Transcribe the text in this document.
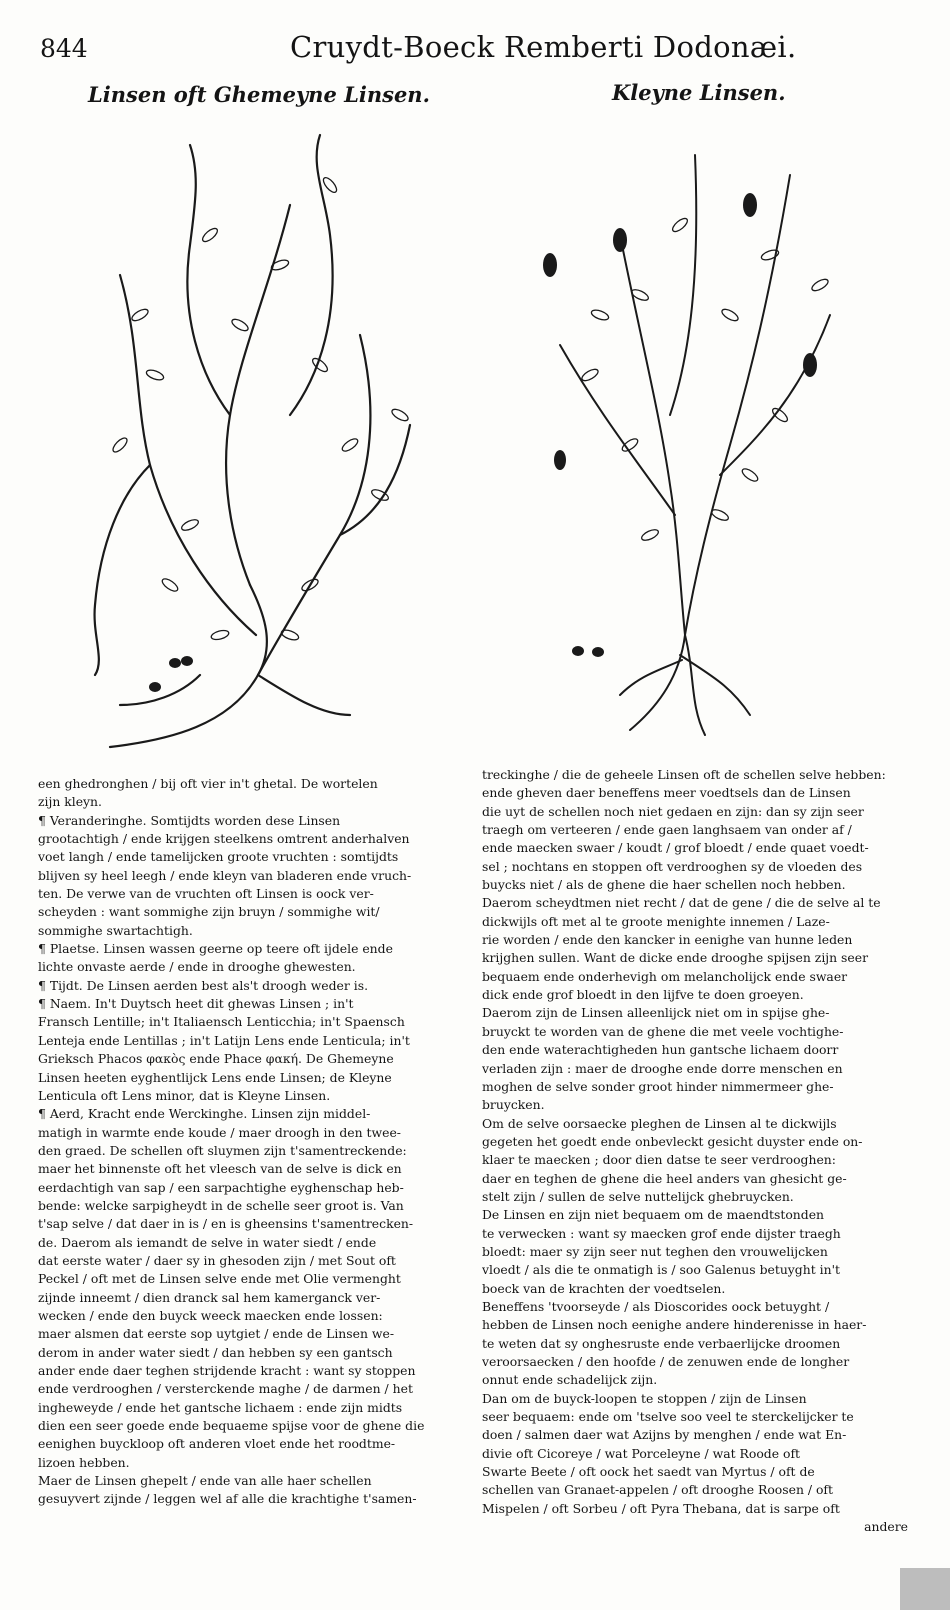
844	Cruydt-Boeck Remberti Dodonæi.
Linsen oft Ghemeyne Linsen.	Kleyne Linsen.

een ghedronghen / bij oft vier in't ghetal. De wortelen
zijn kleyn.
¶ Veranderinghe. Somtijdts worden dese Linsen
grootachtigh / ende krijgen steelkens omtrent anderhalven
voet langh / ende tamelijcken groote vruchten : somtijdts
blijven sy heel leegh / ende kleyn van bladeren ende vruch-
ten. De verwe van de vruchten oft Linsen is oock ver-
scheyden : want sommighe zijn bruyn / sommighe wit/
sommighe swartachtigh.
¶ Plaetse. Linsen wassen geerne op teere oft ijdele ende
lichte onvaste aerde / ende in drooghe ghewesten.
¶ Tijdt. De Linsen aerden best als't droogh weder is.
¶ Naem. In't Duytsch heet dit ghewas Linsen ; in't
Fransch Lentille; in't Italiaensch Lenticchia; in't Spaensch
Lenteja ende Lentillas ; in't Latijn Lens ende Lenticula; in't
Grieksch Phacos φακὸς ende Phace φακή. De Ghemeyne
Linsen heeten eyghentlijck Lens ende Linsen; de Kleyne
Lenticula oft Lens minor, dat is Kleyne Linsen.
¶ Aerd, Kracht ende Werckinghe. Linsen zijn middel-
matigh in warmte ende koude / maer droogh in den twee-
den graed. De schellen oft sluymen zijn t'samentreckende:
maer het binnenste oft het vleesch van de selve is dick en
eerdachtigh van sap / een sarpachtighe eyghenschap heb-
bende: welcke sarpigheydt in de schelle seer groot is. Van
t'sap selve / dat daer in is / en is gheensins t'samentrecken-
de. Daerom als iemandt de selve in water siedt / ende
dat eerste water / daer sy in ghesoden zijn / met Sout oft
Peckel / oft met de Linsen selve ende met Olie vermenght
zijnde inneemt / dien dranck sal hem kamerganck ver-
wecken / ende den buyck weeck maecken ende lossen:
maer alsmen dat eerste sop uytgiet / ende de Linsen we-
derom in ander water siedt / dan hebben sy een gantsch
ander ende daer teghen strijdende kracht : want sy stoppen
ende verdrooghen / versterckende maghe / de darmen / het
ingheweyde / ende het gantsche lichaem : ende zijn midts
dien een seer goede ende bequaeme spijse voor de ghene die
eenighen buyckloop oft anderen vloet ende het roodtme-
lizoen hebben.
Maer de Linsen ghepelt / ende van alle haer schellen
gesuyvert zijnde / leggen wel af alle die krachtighe t'samen-

treckinghe / die de geheele Linsen oft de schellen selve hebben:
ende gheven daer beneffens meer voedtsels dan de Linsen
die uyt de schellen noch niet gedaen en zijn: dan sy zijn seer
traegh om verteeren / ende gaen langhsaem van onder af /
ende maecken swaer / koudt / grof bloedt / ende quaet voedt-
sel ; nochtans en stoppen oft verdrooghen sy de vloeden des
buycks niet / als de ghene die haer schellen noch hebben.
Daerom scheydtmen niet recht / dat de gene / die de selve al te
dickwijls oft met al te groote menighte innemen / Laze-
rie worden / ende den kancker in eenighe van hunne leden
krijghen sullen. Want de dicke ende drooghe spijsen zijn seer
bequaem ende onderhevigh om melancholijck ende swaer
dick ende grof bloedt in den lijfve te doen groeyen.
Daerom zijn de Linsen alleenlijck niet om in spijse ghe-
bruyckt te worden van de ghene die met veele vochtighe-
den ende waterachtigheden hun gantsche lichaem doorr
verladen zijn : maer de drooghe ende dorre menschen en
moghen de selve sonder groot hinder nimmermeer ghe-
bruycken.
Om de selve oorsaecke pleghen de Linsen al te dickwijls
gegeten het goedt ende onbevleckt gesicht duyster ende on-
klaer te maecken ; door dien datse te seer verdrooghen:
daer en teghen de ghene die heel anders van ghesicht ge-
stelt zijn / sullen de selve nuttelijck ghebruycken.
De Linsen en zijn niet bequaem om de maendtstonden
te verwecken : want sy maecken grof ende dijster traegh
bloedt: maer sy zijn seer nut teghen den vrouwelijcken
vloedt / als die te onmatigh is / soo Galenus betuyght in't
boeck van de krachten der voedtselen.
Beneffens 'tvoorseyde / als Dioscorides oock betuyght /
hebben de Linsen noch eenighe andere hinderenisse in haer-
te weten dat sy onghesruste ende verbaerlijcke droomen
veroorsaecken / den hoofde / de zenuwen ende de longher
onnut ende schadelijck zijn.
Dan om de buyck-loopen te stoppen / zijn de Linsen
seer bequaem: ende om 'tselve soo veel te sterckelijcker te
doen / salmen daer wat Azijns by menghen / ende wat En-
divie oft Cicoreye / wat Porceleyne / wat Roode oft
Swarte Beete / oft oock het saedt van Myrtus / oft de
schellen van Granaet-appelen / oft drooghe Roosen / oft
Mispelen / oft Sorbeu / oft Pyra Thebana, dat is sarpe oft
andere
